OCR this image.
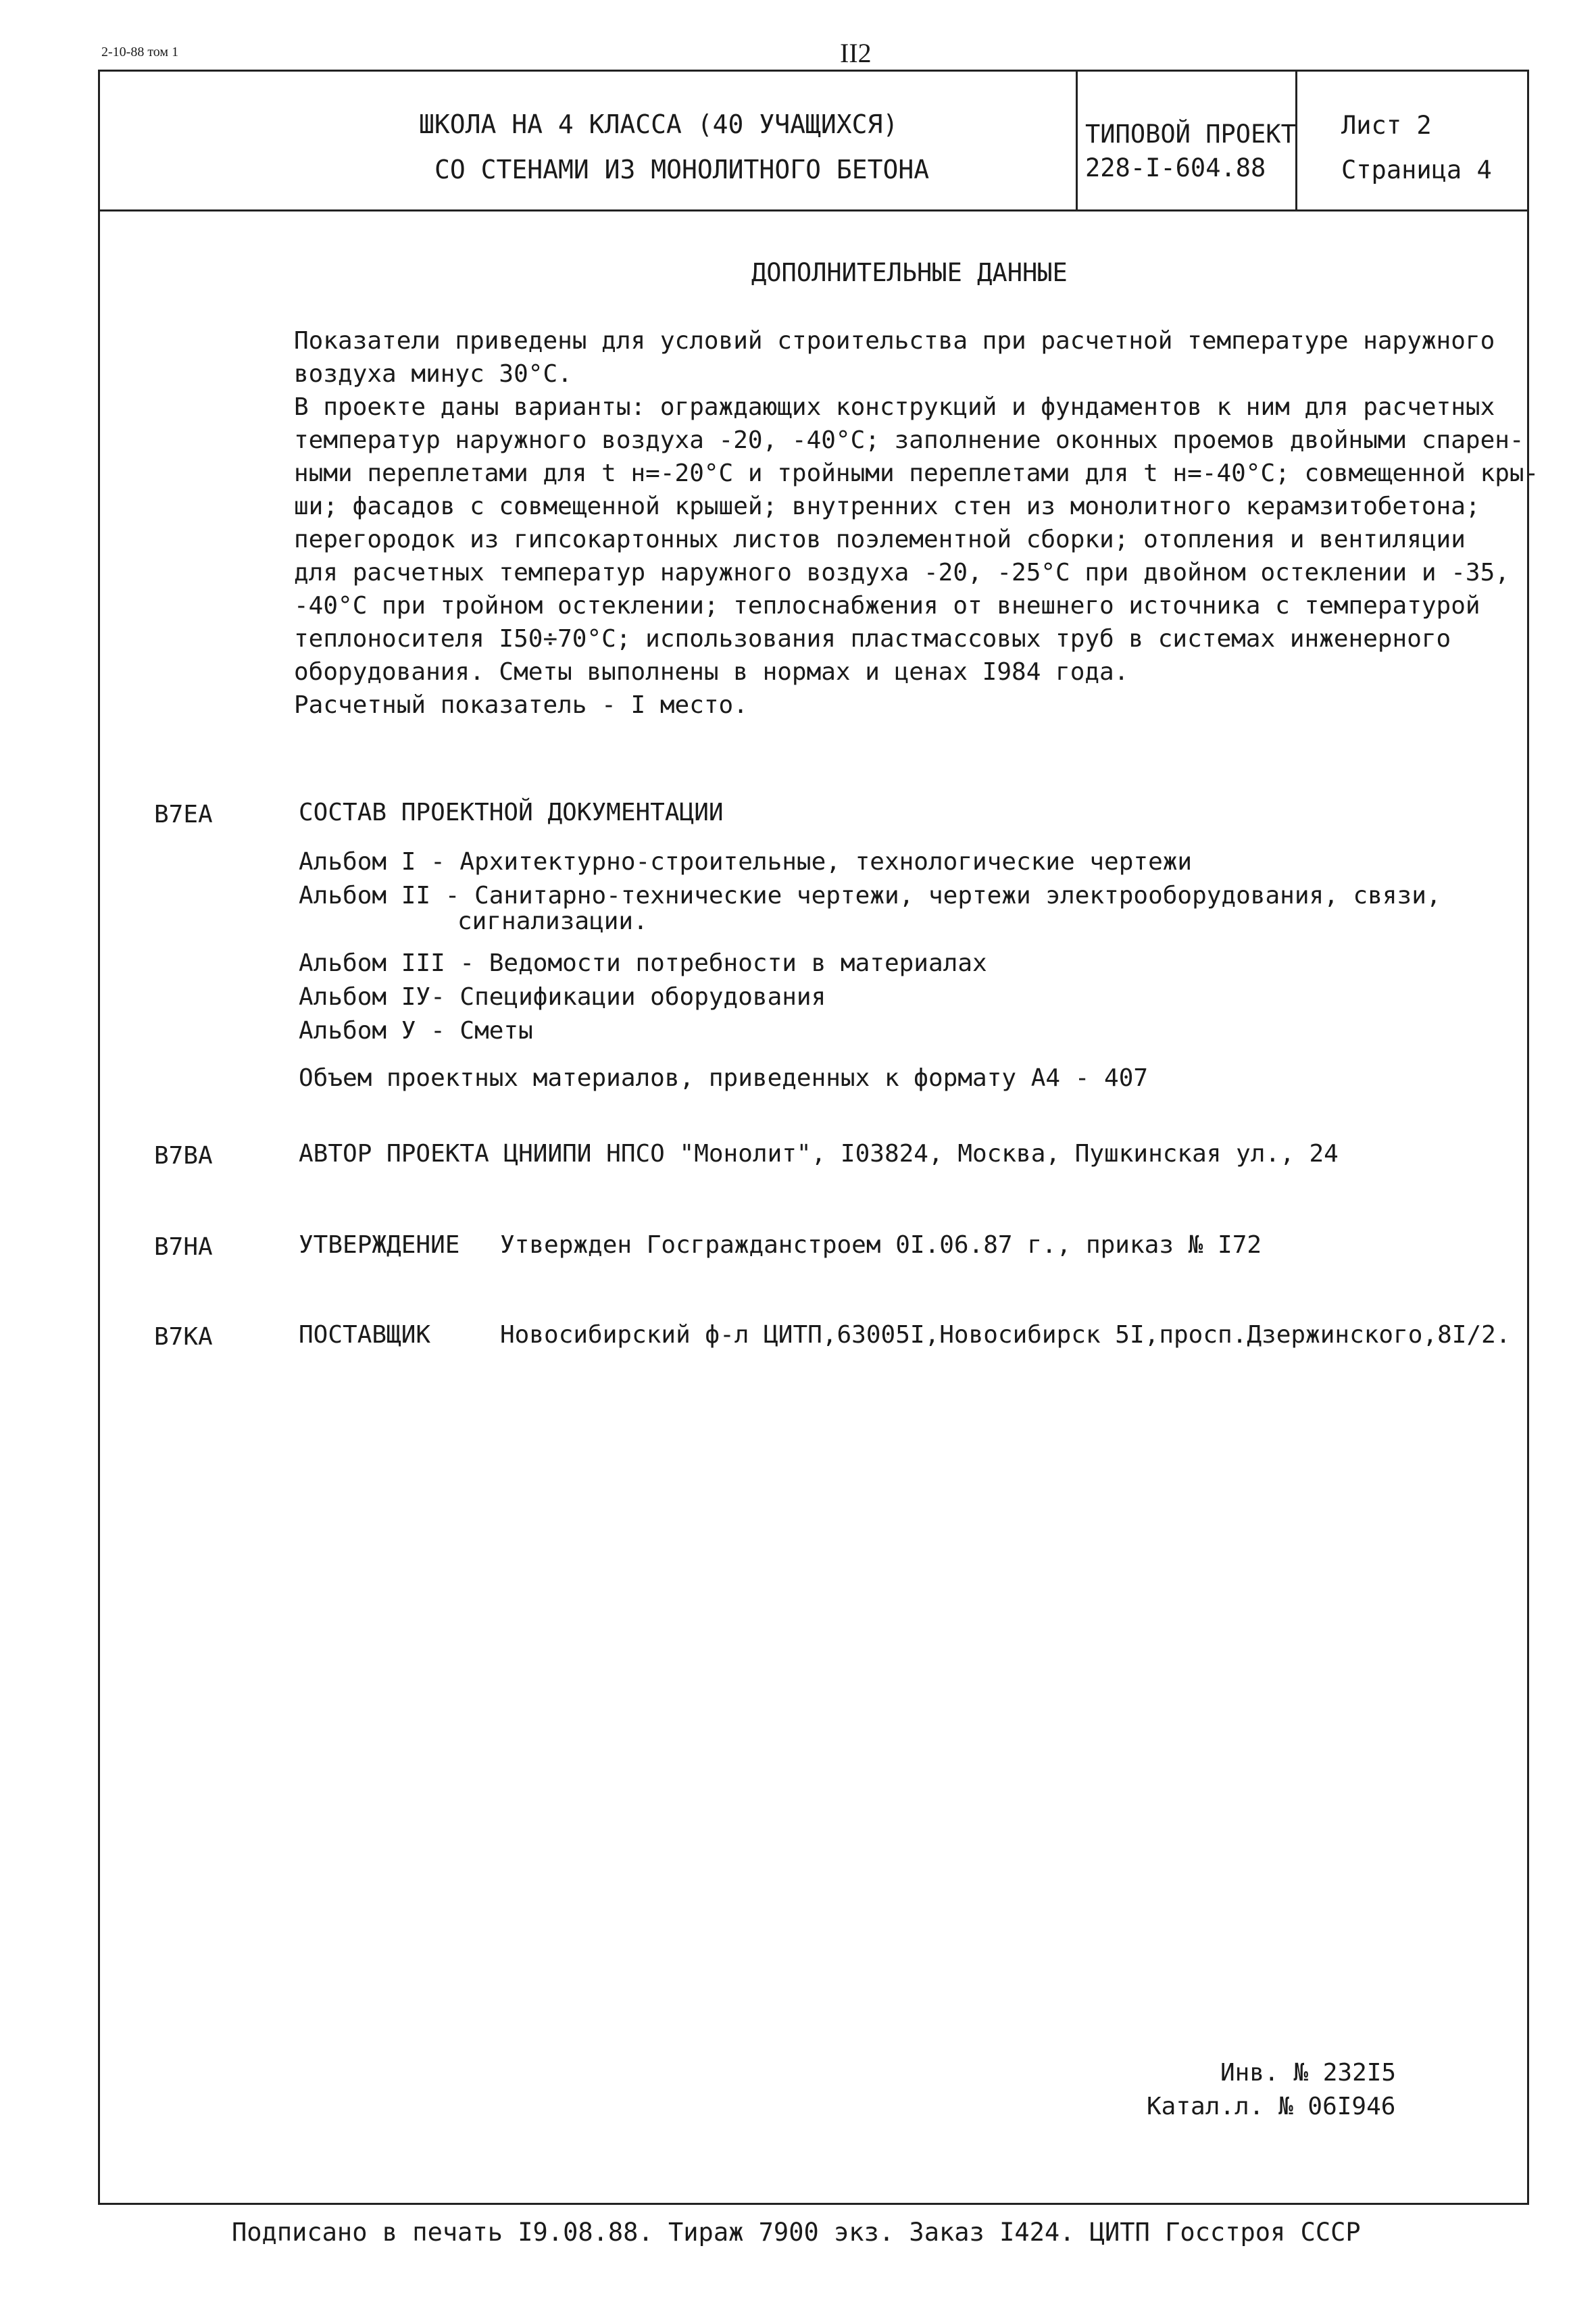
2-10-88 том 1	II2
ШКОЛА НА 4 КЛАССА (40 УЧАЩИХСЯ)
СО СТЕНАМИ ИЗ МОНОЛИТНОГО БЕТОНА
ТИПОВОЙ ПРОЕКТ
228-I-604.88
Лист 2
Страница 4
ДОПОЛНИТЕЛЬНЫЕ ДАННЫЕ
Показатели приведены для условий строительства при расчетной температуре наружного
воздуха минус 30°С.
В проекте даны варианты: ограждающих конструкций и фундаментов к ним для расчетных
температур наружного воздуха -20, -40°С; заполнение оконных проемов двойными спарен-
ными переплетами для t н=-20°С и тройными переплетами для t н=-40°С; совмещенной кры-
ши; фасадов с совмещенной крышей; внутренних стен из монолитного керамзитобетона;
перегородок из гипсокартонных листов поэлементной сборки; отопления и вентиляции
для расчетных температур наружного воздуха -20, -25°С при двойном остеклении и -35,
-40°С при тройном остеклении; теплоснабжения от внешнего источника с температурой
теплоносителя I50÷70°С; использования пластмассовых труб в системах инженерного
оборудования. Сметы выполнены в нормах и ценах I984 года.
Расчетный показатель - I место.
B7EA	СОСТАВ ПРОЕКТНОЙ ДОКУМЕНТАЦИИ
Альбом I - Архитектурно-строительные, технологические чертежи
Альбом II - Санитарно-технические чертежи, чертежи электрооборудования, связи,
сигнализации.
Альбом III - Ведомости потребности в материалах
Альбом IУ- Спецификации оборудования
Альбом У - Сметы
Объем проектных материалов, приведенных к формату А4 - 407
B7BA	АВТОР ПРОЕКТА ЦНИИПИ НПСО "Монолит", I03824, Москва, Пушкинская ул., 24
B7HA	УТВЕРЖДЕНИЕ Утвержден Госгражданстроем 0I.06.87 г., приказ № I72
B7KA	ПОСТАВЩИК	Новосибирский ф-л ЦИТП,63005I,Новосибирск 5I,просп.Дзержинского,8I/2.
Инв. № 232I5
Катал.л. № 06I946
Подписано в печать I9.08.88. Тираж 7900 экз. Заказ I424. ЦИТП Госстроя СССР
